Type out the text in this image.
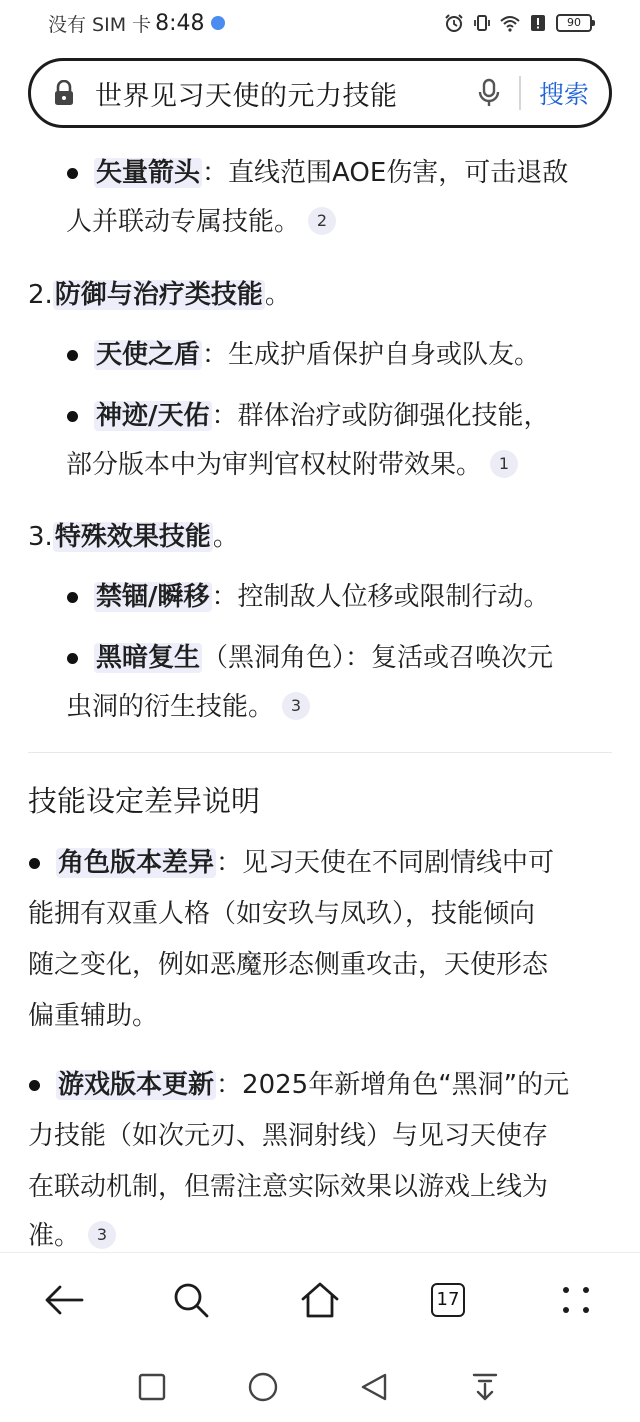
没有 SIM 卡 8:48	90
世界见习天使的元力技能	搜索
矢量箭头：直线范围AOE伤害，可击退敌
人并联动专属技能。 2
2.防御与治疗类技能。
天使之盾：生成护盾保护自身或队友。
神迹/天佑：群体治疗或防御强化技能，
部分版本中为审判官权杖附带效果。 1
3.特殊效果技能。
禁锢/瞬移：控制敌人位移或限制行动。
黑暗复生（黑洞角色）：复活或召唤次元
虫洞的衍生技能。 3
技能设定差异说明
角色版本差异：见习天使在不同剧情线中可
能拥有双重人格（如安玖与凤玖），技能倾向
随之变化，例如恶魔形态侧重攻击，天使形态
偏重辅助。
游戏版本更新：2025年新增角色“黑洞”的元
力技能（如次元刃、黑洞射线）与见习天使存
在联动机制，但需注意实际效果以游戏上线为
准。 3
17
